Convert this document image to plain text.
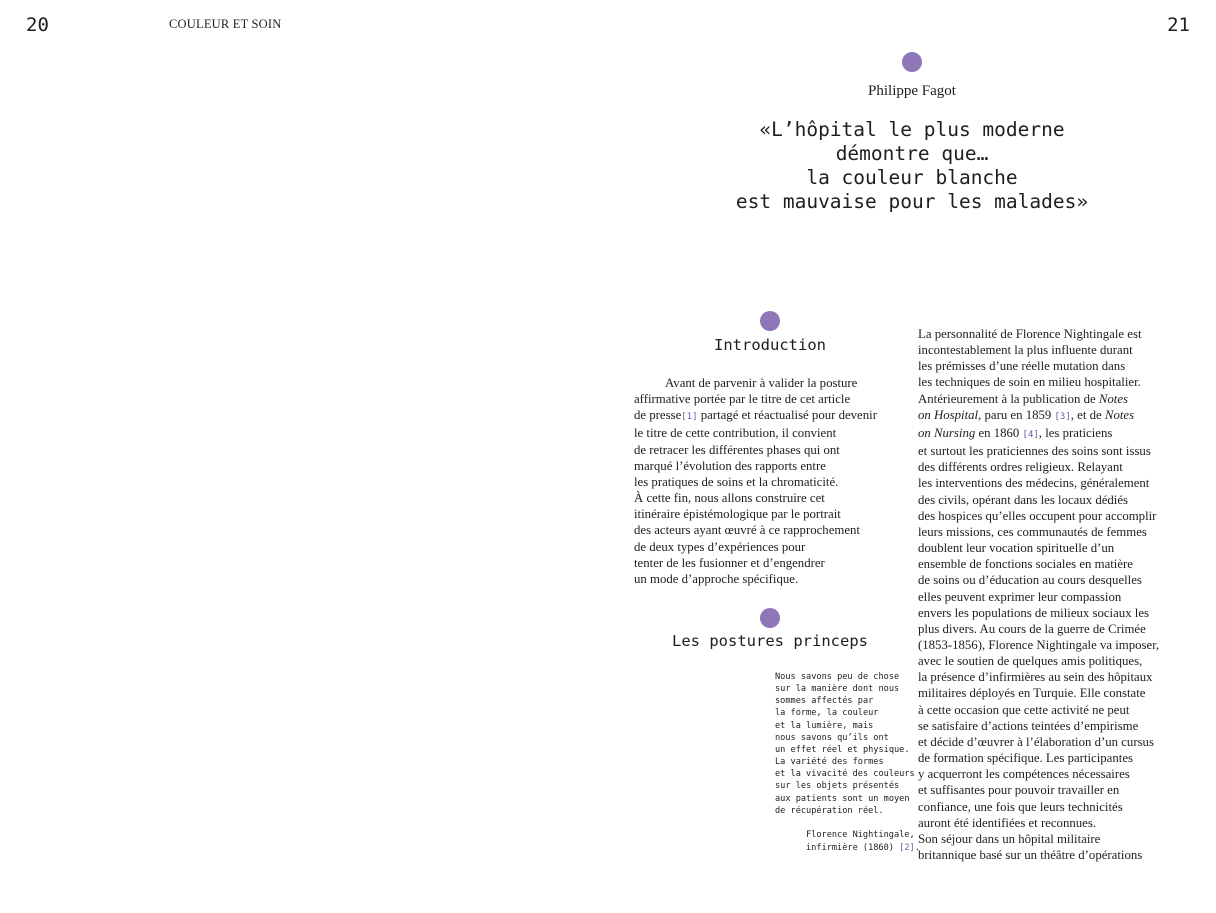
20	COULEUR ET SOIN	21
Philippe Fagot
«L’hôpital le plus moderne
démontre que…
la couleur blanche
est mauvaise pour les malades»
Introduction
Avant de parvenir à valider la posture
affirmative portée par le titre de cet article
de presse[1] partagé et réactualisé pour devenir
le titre de cette contribution, il convient
de retracer les différentes phases qui ont
marqué l’évolution des rapports entre
les pratiques de soins et la chromaticité.
À cette fin, nous allons construire cet
itinéraire épistémologique par le portrait
des acteurs ayant œuvré à ce rapprochement
de deux types d’expériences pour
tenter de les fusionner et d’engendrer
un mode d’approche spécifique.
Les postures princeps
Nous savons peu de chose
sur la manière dont nous
sommes affectés par
la forme, la couleur
et la lumière, mais
nous savons qu’ils ont
un effet réel et physique.
La variété des formes
et la vivacité des couleurs
sur les objets présentés
aux patients sont un moyen
de récupération réel.
Florence Nightingale,
infirmière (1860) [2].
La personnalité de Florence Nightingale est
incontestablement la plus influente durant
les prémisses d’une réelle mutation dans
les techniques de soin en milieu hospitalier.
Antérieurement à la publication de Notes
on Hospital, paru en 1859 [3], et de Notes
on Nursing en 1860 [4], les praticiens
et surtout les praticiennes des soins sont issus
des différents ordres religieux. Relayant
les interventions des médecins, généralement
des civils, opérant dans les locaux dédiés
des hospices qu’elles occupent pour accomplir
leurs missions, ces communautés de femmes
doublent leur vocation spirituelle d’un
ensemble de fonctions sociales en matière
de soins ou d’éducation au cours desquelles
elles peuvent exprimer leur compassion
envers les populations de milieux sociaux les
plus divers. Au cours de la guerre de Crimée
(1853-1856), Florence Nightingale va imposer,
avec le soutien de quelques amis politiques,
la présence d’infirmières au sein des hôpitaux
militaires déployés en Turquie. Elle constate
à cette occasion que cette activité ne peut
se satisfaire d’actions teintées d’empirisme
et décide d’œuvrer à l’élaboration d’un cursus
de formation spécifique. Les participantes
y acquerront les compétences nécessaires
et suffisantes pour pouvoir travailler en
confiance, une fois que leurs technicités
auront été identifiées et reconnues.
Son séjour dans un hôpital militaire
britannique basé sur un théâtre d’opérations
